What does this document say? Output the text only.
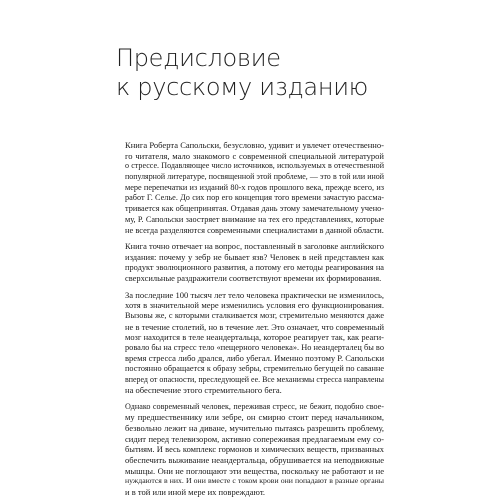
Предисловие
к русскому изданию
Книга Роберта Сапольски, безусловно, удивит и увлечет отечественно-
го читателя, мало знакомого с современной специальной литературой
о стрессе. Подавляющее число источников, используемых в отечественной
популярной литературе, посвященной этой проблеме, — это в той или иной
мере перепечатки из изданий 80-х годов прошлого века, прежде всего, из
работ Г. Селье. До сих пор его концепция того времени зачастую рассма-
тривается как общепринятая. Отдавая дань этому замечательному учено-
му, Р. Сапольски заостряет внимание на тех его представлениях, которые
не всегда разделяются современными специалистами в данной области.
Книга точно отвечает на вопрос, поставленный в заголовке английского
издания: почему у зебр не бывает язв? Человек в ней представлен как
продукт эволюционного развития, а потому его методы реагирования на
сверхсильные раздражители соответствуют времени их формирования.
За последние 100 тысяч лет тело человека практически не изменилось,
хотя в значительной мере изменились условия его функционирования.
Вызовы же, с которыми сталкивается мозг, стремительно меняются даже
не в течение столетий, но в течение лет. Это означает, что современный
мозг находится в теле неандертальца, которое реагирует так, как реаги-
ровало бы на стресс тело «пещерного человека». Но неандерталец бы во
время стресса либо дрался, либо убегал. Именно поэтому Р. Сапольски
постоянно обращается к образу зебры, стремительно бегущей по саванне
вперед от опасности, преследующей ее. Все механизмы стресса направлены
на обеспечение этого стремительного бега.
Однако современный человек, переживая стресс, не бежит, подобно свое-
му предшественнику или зебре, он смирно стоит перед начальником,
безвольно лежит на диване, мучительно пытаясь разрешить проблему,
сидит перед телевизором, активно сопереживая предлагаемым ему со-
бытиям. И весь комплекс гормонов и химических веществ, призванных
обеспечить выживание неандертальца, обрушивается на неподвижные
мышцы. Они не поглощают эти вещества, поскольку не работают и не
нуждаются в них. И они вместе с током крови они попадают в разные органы
и в той или иной мере их повреждают.
